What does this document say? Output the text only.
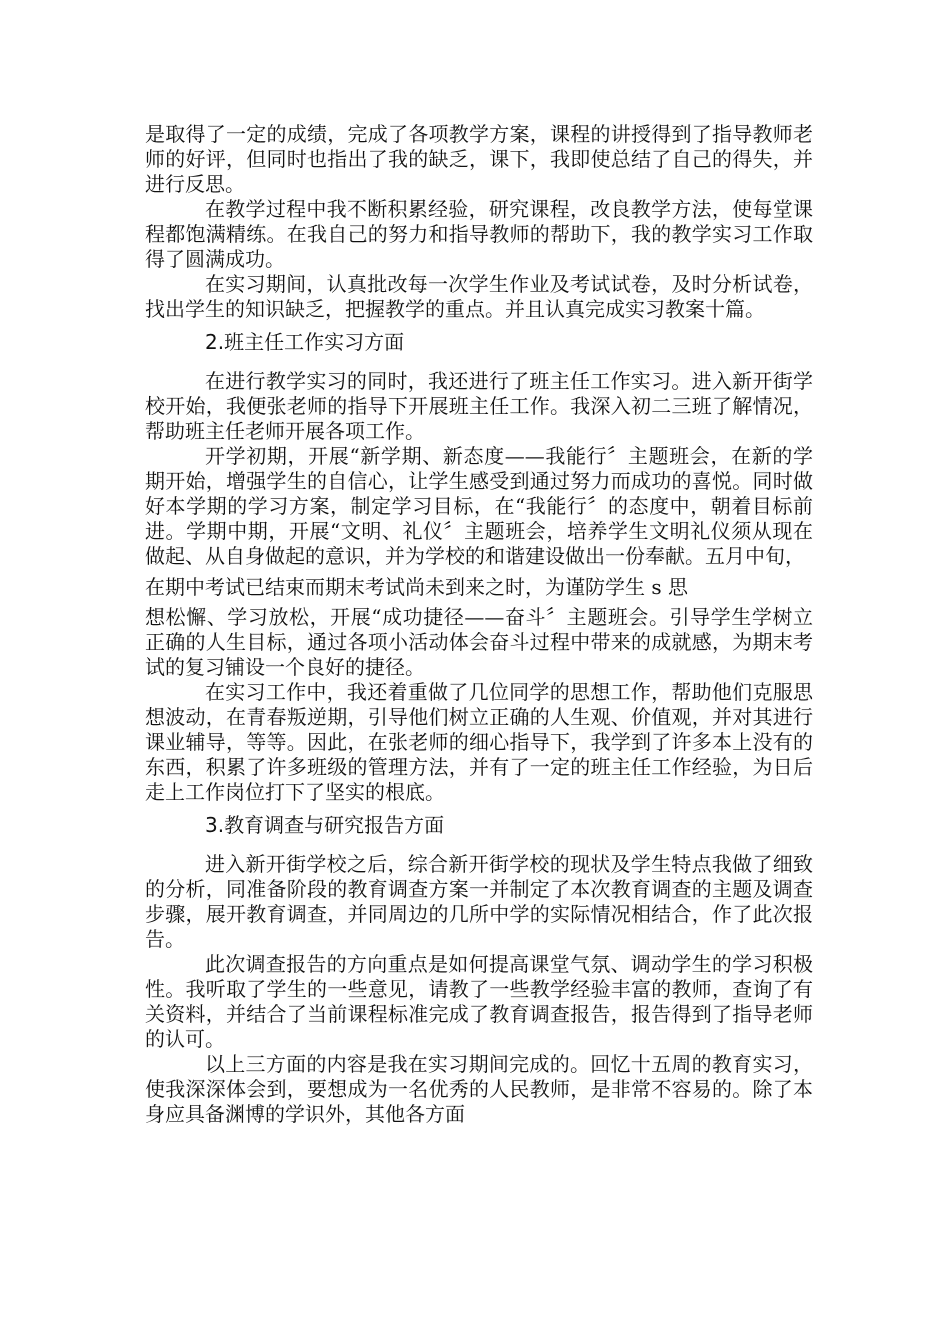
是取得了一定的成绩，完成了各项教学方案，课程的讲授得到了指导教师老师的好评，但同时也指出了我的缺乏，课下，我即使总结了自己的得失，并进行反思。

在教学过程中我不断积累经验，研究课程，改良教学方法，使每堂课程都饱满精练。在我自己的努力和指导教师的帮助下，我的教学实习工作取得了圆满成功。

在实习期间，认真批改每一次学生作业及考试试卷，及时分析试卷，找出学生的知识缺乏，把握教学的重点。并且认真完成实习教案十篇。

2.班主任工作实习方面

在进行教学实习的同时，我还进行了班主任工作实习。进入新开街学校开始，我便张老师的指导下开展班主任工作。我深入初二三班了解情况，帮助班主任老师开展各项工作。

开学初期，开展“新学期、新态度——我能行〞主题班会，在新的学期开始，增强学生的自信心，让学生感受到通过努力而成功的喜悦。同时做好本学期的学习方案，制定学习目标，在“我能行〞的态度中，朝着目标前进。学期中期，开展“文明、礼仪〞主题班会，培养学生文明礼仪须从现在做起、从自身做起的意识，并为学校的和谐建设做出一份奉献。五月中旬，

在期中考试已结束而期末考试尚未到来之时，为谨防学生 s 思

想松懈、学习放松，开展“成功捷径——奋斗〞主题班会。引导学生学树立正确的人生目标，通过各项小活动体会奋斗过程中带来的成就感，为期末考试的复习铺设一个良好的捷径。

在实习工作中，我还着重做了几位同学的思想工作，帮助他们克服思想波动，在青春叛逆期，引导他们树立正确的人生观、价值观，并对其进行课业辅导，等等。因此，在张老师的细心指导下，我学到了许多本上没有的东西，积累了许多班级的管理方法，并有了一定的班主任工作经验，为日后走上工作岗位打下了坚实的根底。

3.教育调查与研究报告方面

进入新开街学校之后，综合新开街学校的现状及学生特点我做了细致的分析，同准备阶段的教育调查方案一并制定了本次教育调查的主题及调查步骤，展开教育调查，并同周边的几所中学的实际情况相结合，作了此次报告。

此次调查报告的方向重点是如何提高课堂气氛、调动学生的学习积极性。我听取了学生的一些意见，请教了一些教学经验丰富的教师，查询了有关资料，并结合了当前课程标准完成了教育调查报告，报告得到了指导老师的认可。

以上三方面的内容是我在实习期间完成的。回忆十五周的教育实习，使我深深体会到，要想成为一名优秀的人民教师，是非常不容易的。除了本身应具备渊博的学识外，其他各方面
